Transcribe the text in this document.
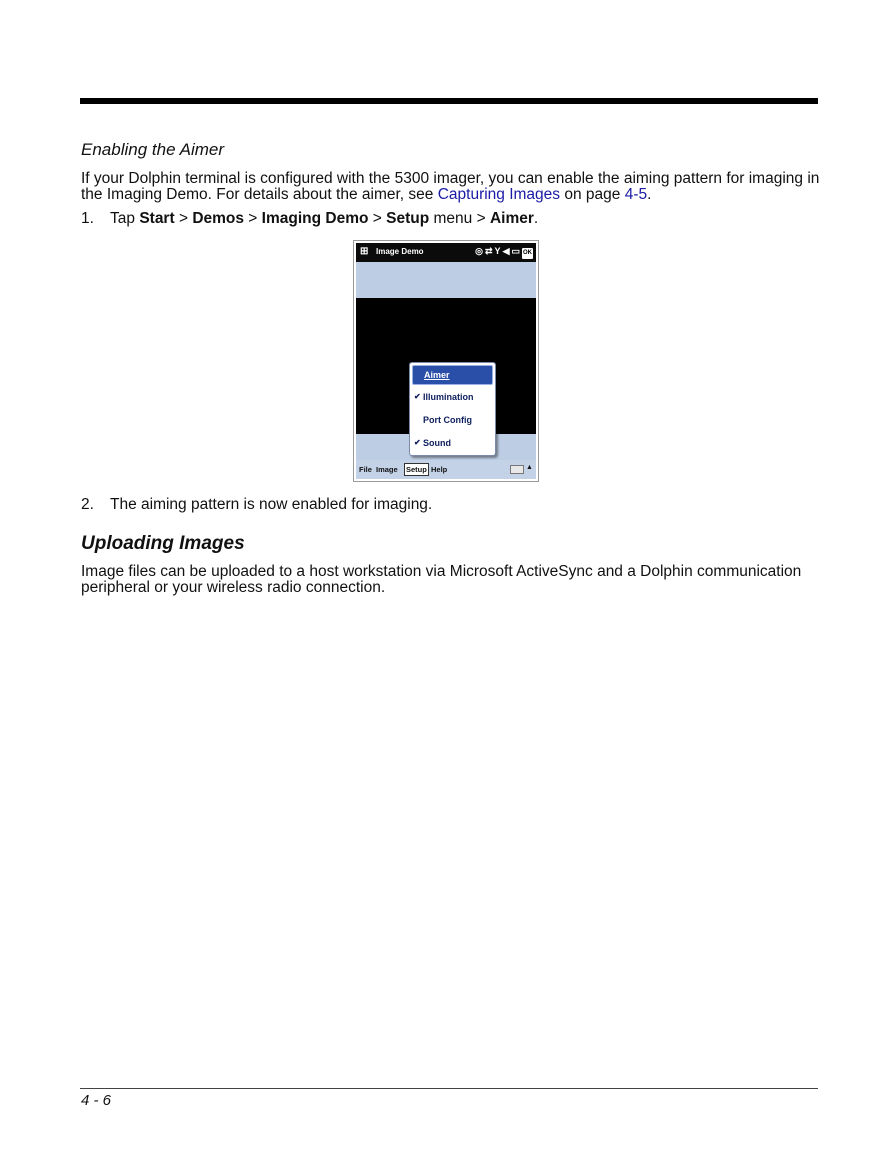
Enabling the Aimer
If your Dolphin terminal is configured with the 5300 imager, you can enable the aiming pattern for imaging in the Imaging Demo. For details about the aimer, see Capturing Images on page 4-5.
1. Tap Start > Demos > Imaging Demo > Setup menu > Aimer.
⊞ Image Demo	◎⇄Y◀▭OK
Aimer
✔ Illumination
Port Config
✔ Sound
File Image Setup Help	▲
2. The aiming pattern is now enabled for imaging.
Uploading Images
Image files can be uploaded to a host workstation via Microsoft ActiveSync and a Dolphin communication peripheral or your wireless radio connection.
4 - 6
